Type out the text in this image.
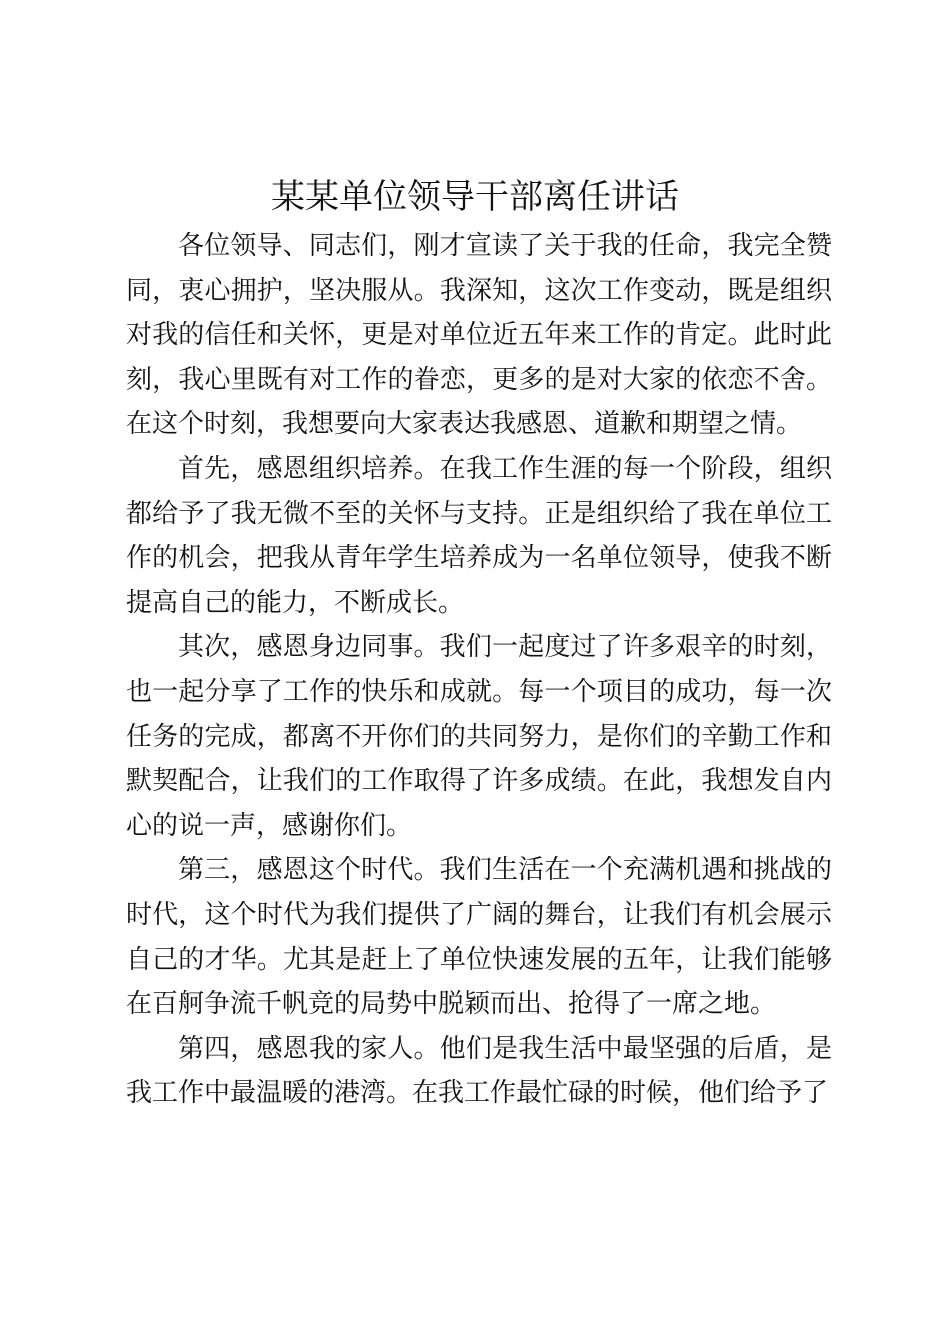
某某单位领导干部离任讲话

各位领导、同志们，刚才宣读了关于我的任命，我完全赞同，衷心拥护，坚决服从。我深知，这次工作变动，既是组织对我的信任和关怀，更是对单位近五年来工作的肯定。此时此刻，我心里既有对工作的眷恋，更多的是对大家的依恋不舍。在这个时刻，我想要向大家表达我感恩、道歉和期望之情。

首先，感恩组织培养。在我工作生涯的每一个阶段，组织都给予了我无微不至的关怀与支持。正是组织给了我在单位工作的机会，把我从青年学生培养成为一名单位领导，使我不断提高自己的能力，不断成长。

其次，感恩身边同事。我们一起度过了许多艰辛的时刻，也一起分享了工作的快乐和成就。每一个项目的成功，每一次任务的完成，都离不开你们的共同努力，是你们的辛勤工作和默契配合，让我们的工作取得了许多成绩。在此，我想发自内心的说一声，感谢你们。

第三，感恩这个时代。我们生活在一个充满机遇和挑战的时代，这个时代为我们提供了广阔的舞台，让我们有机会展示自己的才华。尤其是赶上了单位快速发展的五年，让我们能够在百舸争流千帆竞的局势中脱颖而出、抢得了一席之地。

第四，感恩我的家人。他们是我生活中最坚强的后盾，是我工作中最温暖的港湾。在我工作最忙碌的时候，他们给予了
